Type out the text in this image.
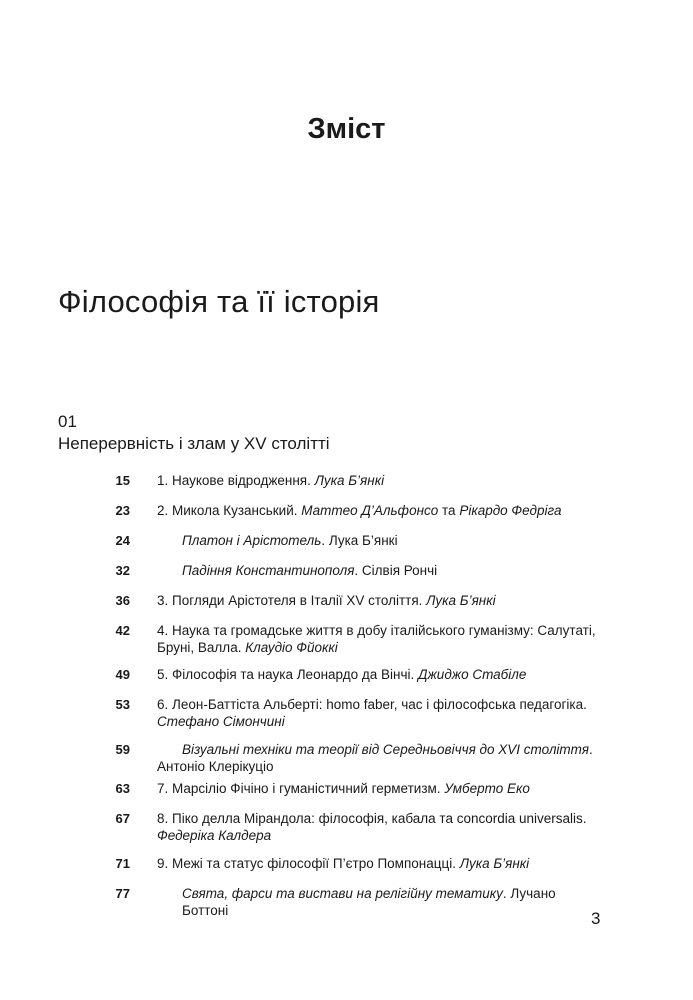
Зміст
Філософія та її історія
01
Неперервність і злам у XV столітті
15 1. Наукове відродження. Лука Б’янкі
23 2. Микола Кузанський. Маттео Д’Альфонсо та Рікардо Федріга
24	Платон і Арістотель. Лука Б’янкі
32	Падіння Константинополя. Сілвія Рончі
36 3. Погляди Арістотеля в Італії XV століття. Лука Б’янкі
42 4. Наука та громадське життя в добу італійського гуманізму: Салутаті,
Бруні, Валла. Клаудіо Фйоккі
49 5. Філософія та наука Леонардо да Вінчі. Джиджо Стабіле
53 6. Леон-Баттіста Альберті: homo faber, час і філософська педагогіка.
Стефано Сімончині
59	Візуальні техніки та теорії від Середньовіччя до XVI століття.
Антоніо Клерікуціо
63 7. Марсіліо Фічіно і гуманістичний герметизм. Умберто Еко
67 8. Піко делла Мірандола: філософія, кабала та concordia universalis.
Федеріка Калдера
71 9. Межі та статус філософії П’єтро Помпонацці. Лука Б’янкі
77	Свята, фарси та вистави на релігійну тематику. Лучано Боттоні	3
